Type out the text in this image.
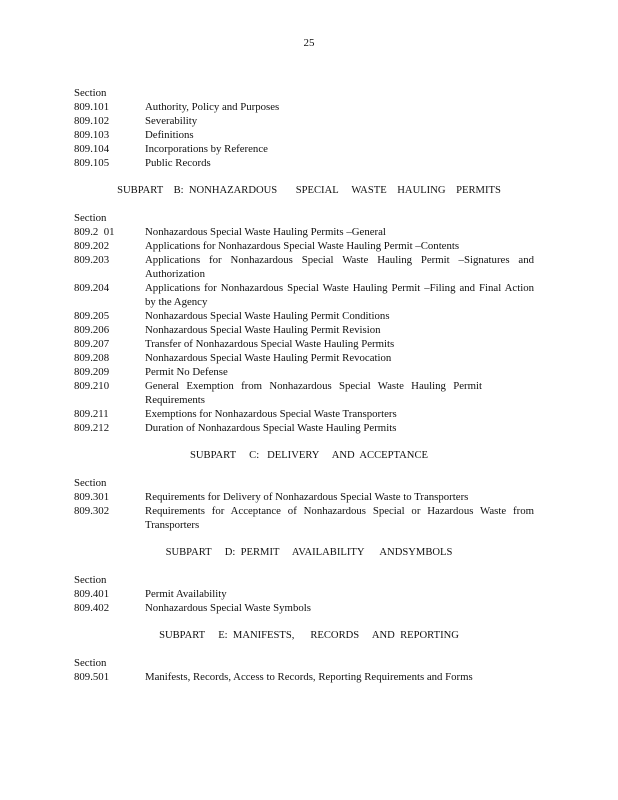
25
Section
809.101	Authority, Policy and Purposes
809.102	Severability
809.103	Definitions
809.104	Incorporations by Reference
809.105	Public Records
SUBPART    B:  NONHAZARDOUS       SPECIAL     WASTE    HAULING    PERMITS
Section
809.2  01	Nonhazardous Special Waste Hauling Permits –General
809.202	Applications for Nonhazardous Special Waste Hauling Permit –Contents
809.203	Applications for Nonhazardous Special Waste Hauling Permit –Signatures and Authorization
809.204	Applications for Nonhazardous Special Waste Hauling Permit –Filing and Final Action by the Agency
809.205	Nonhazardous Special Waste Hauling Permit Conditions
809.206	Nonhazardous Special Waste Hauling Permit Revision
809.207	Transfer of Nonhazardous Special Waste Hauling Permits
809.208	Nonhazardous Special Waste Hauling Permit Revocation
809.209	Permit No Defense
809.210	General Exemption from Nonhazardous Special Waste Hauling Permit Requirements
809.211	Exemptions for Nonhazardous Special Waste Transporters
809.212	Duration of Nonhazardous Special Waste Hauling Permits
SUBPART     C:   DELIVERY     AND  ACCEPTANCE
Section
809.301	Requirements for Delivery of Nonhazardous Special Waste to Transporters
809.302	Requirements for Acceptance of Nonhazardous Special or Hazardous Waste from Transporters
SUBPART     D:  PERMIT     AVAILABILITY      ANDSYMBOLS
Section
809.401	Permit Availability
809.402	Nonhazardous Special Waste Symbols
SUBPART     E:  MANIFESTS,      RECORDS     AND  REPORTING
Section
809.501	Manifests, Records, Access to Records, Reporting Requirements and Forms
